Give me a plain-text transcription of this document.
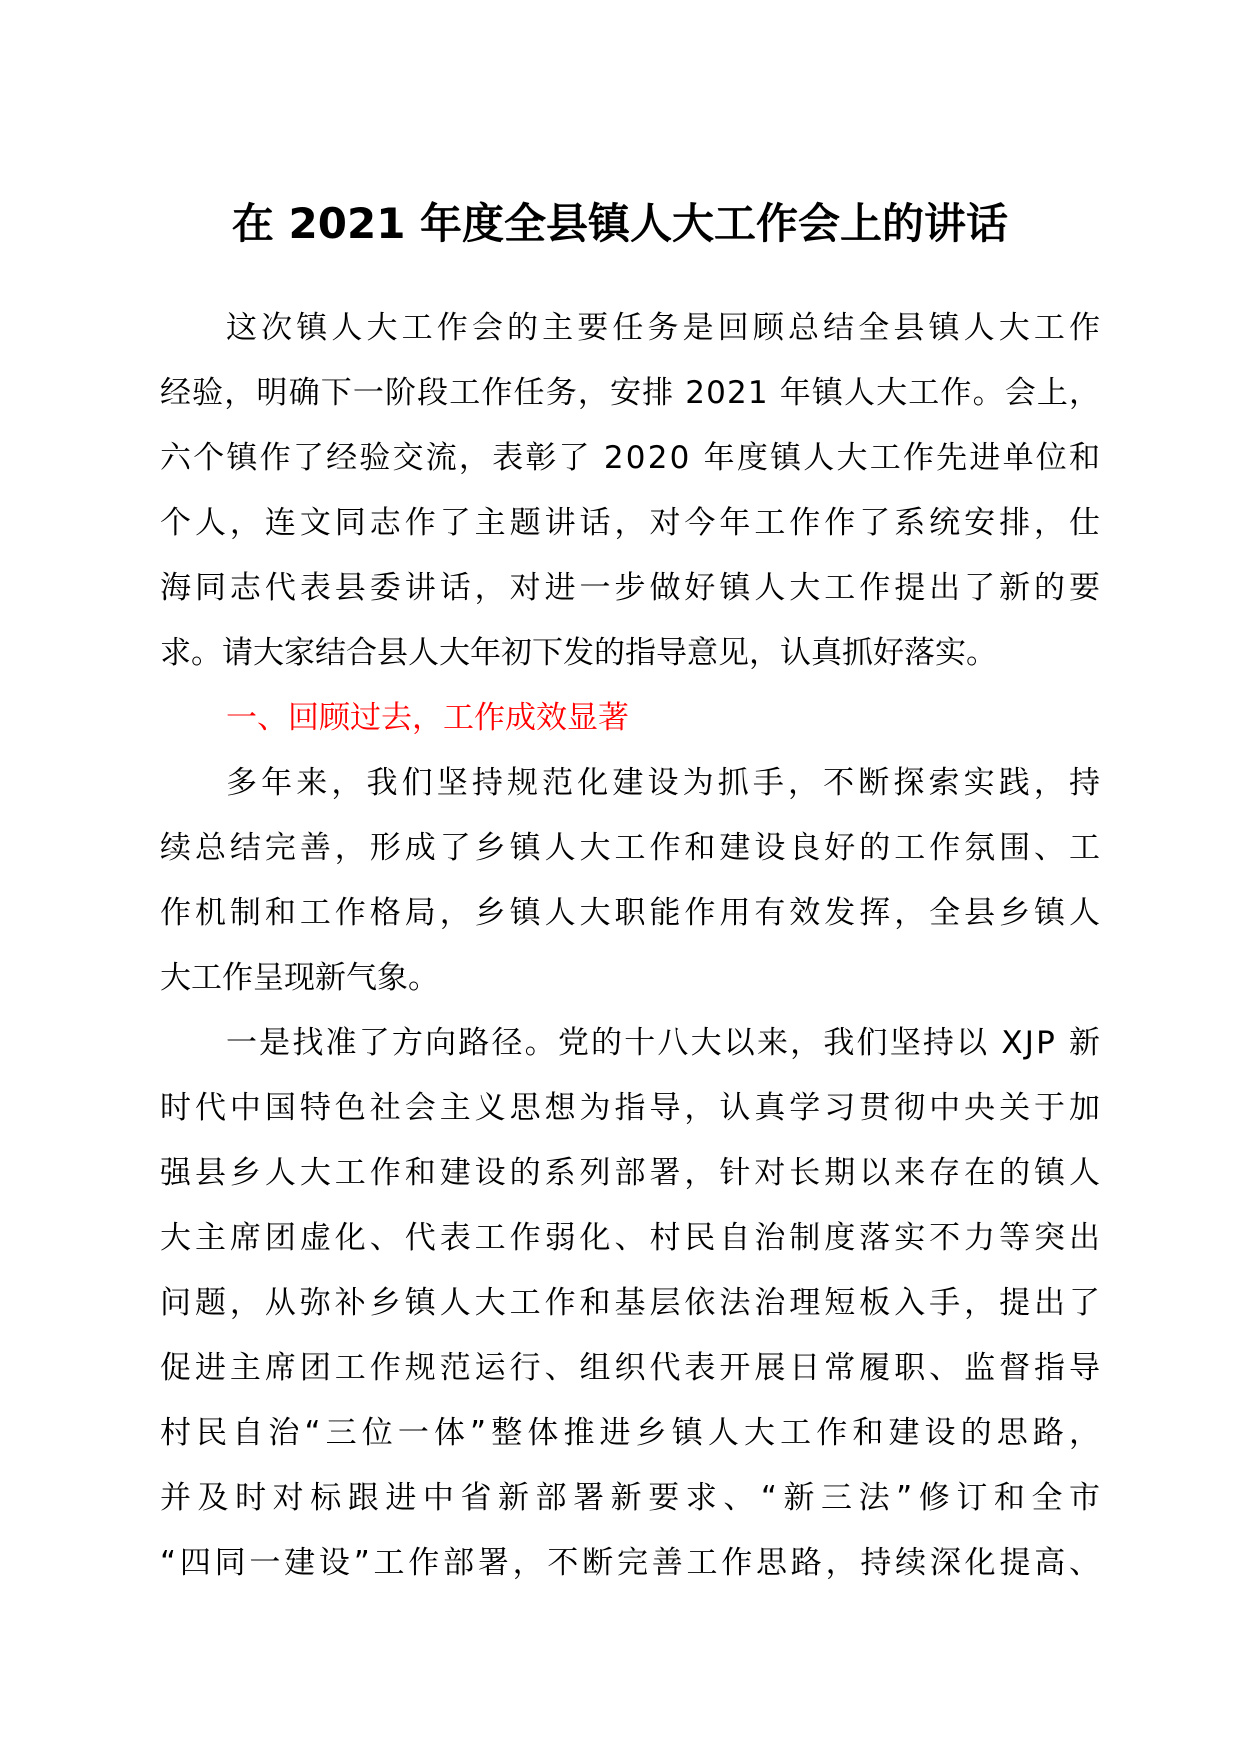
在 2021 年度全县镇人大工作会上的讲话
这次镇人大工作会的主要任务是回顾总结全县镇人大工作
经验，明确下一阶段工作任务，安排 2021 年镇人大工作。会上，
六个镇作了经验交流，表彰了 2020 年度镇人大工作先进单位和
个人，连文同志作了主题讲话，对今年工作作了系统安排，仕
海同志代表县委讲话，对进一步做好镇人大工作提出了新的要
求。请大家结合县人大年初下发的指导意见，认真抓好落实。
一、回顾过去，工作成效显著
多年来，我们坚持规范化建设为抓手，不断探索实践，持
续总结完善，形成了乡镇人大工作和建设良好的工作氛围、工
作机制和工作格局，乡镇人大职能作用有效发挥，全县乡镇人
大工作呈现新气象。
一是找准了方向路径。党的十八大以来，我们坚持以 XJP 新
时代中国特色社会主义思想为指导，认真学习贯彻中央关于加
强县乡人大工作和建设的系列部署，针对长期以来存在的镇人
大主席团虚化、代表工作弱化、村民自治制度落实不力等突出
问题，从弥补乡镇人大工作和基层依法治理短板入手，提出了
促进主席团工作规范运行、组织代表开展日常履职、监督指导
村民自治“三位一体”整体推进乡镇人大工作和建设的思路，
并及时对标跟进中省新部署新要求、“新三法”修订和全市
“四同一建设”工作部署，不断完善工作思路，持续深化提高、
